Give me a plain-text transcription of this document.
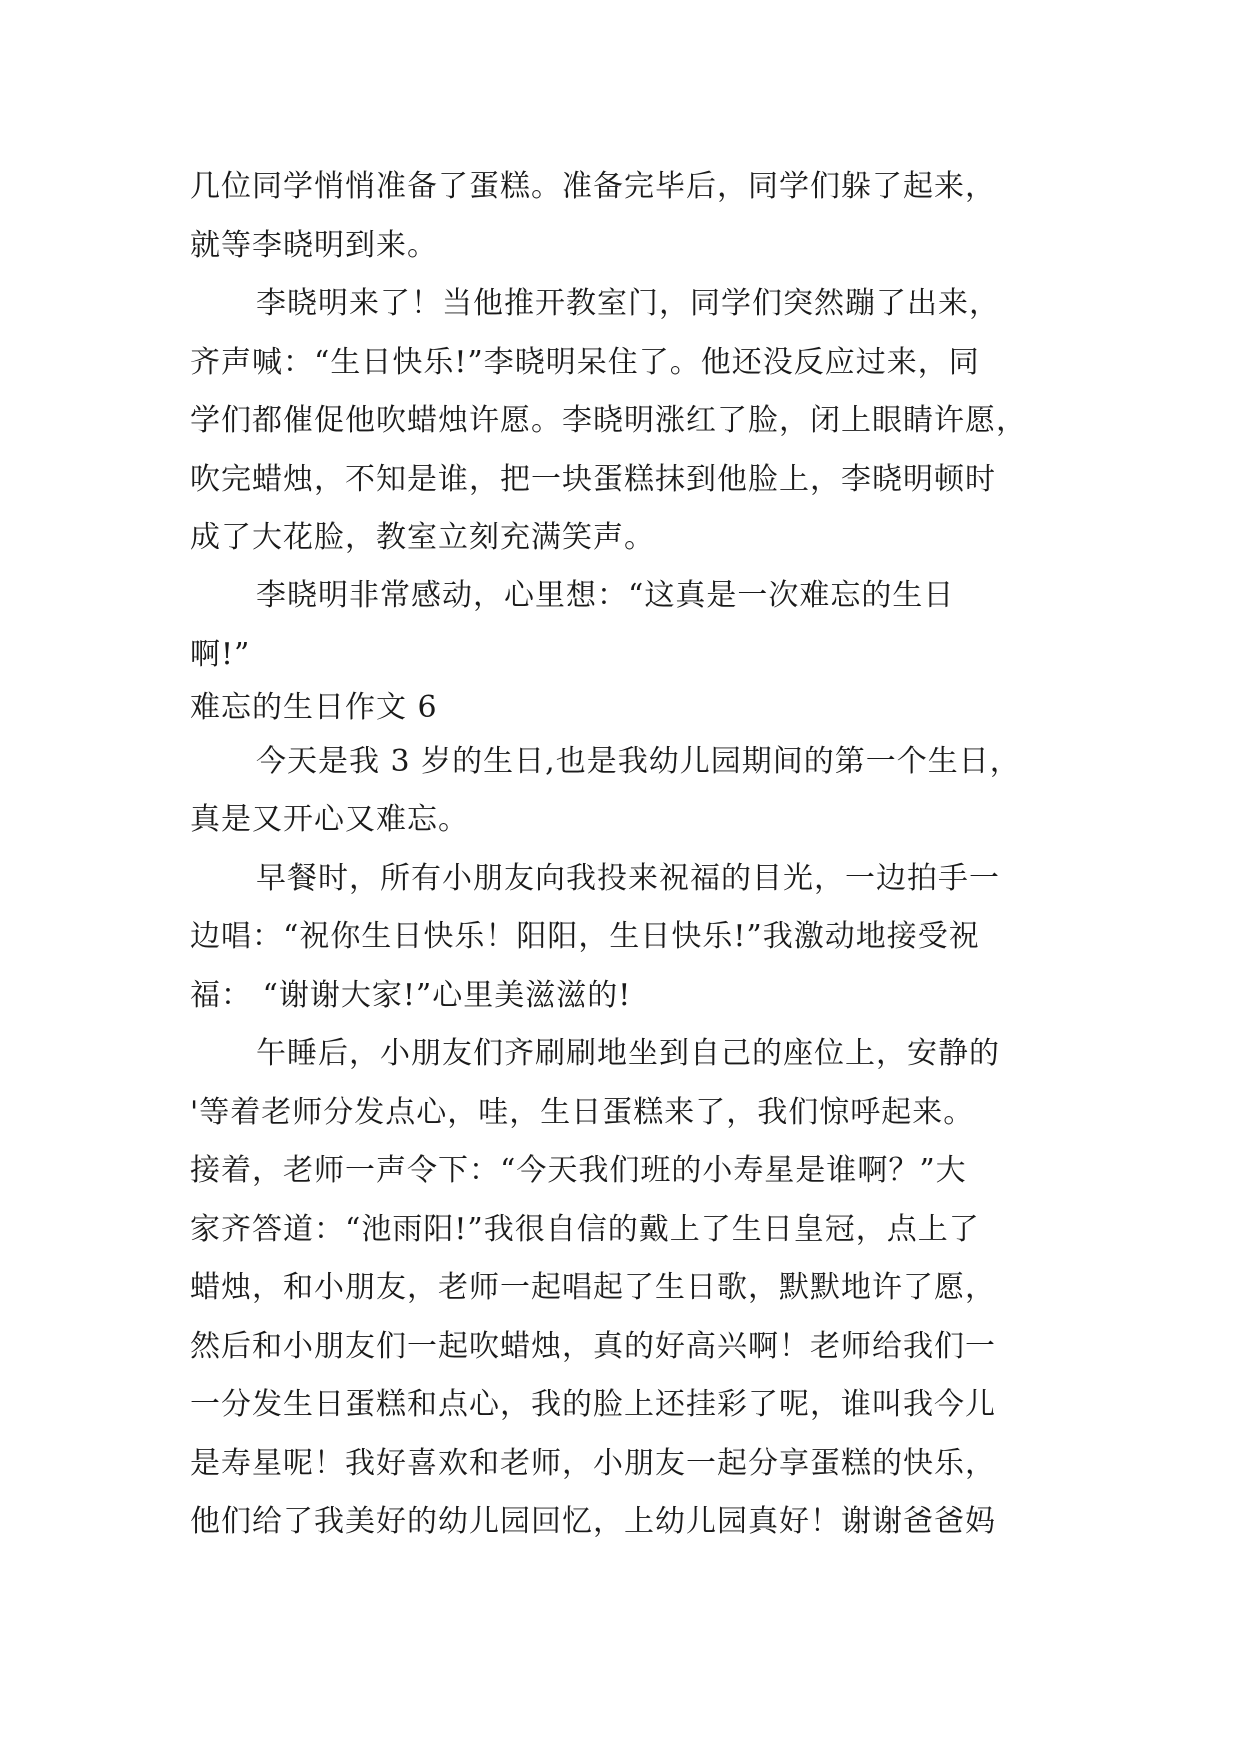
几位同学悄悄准备了蛋糕。准备完毕后，同学们躲了起来，
就等李晓明到来。
李晓明来了！当他推开教室门，同学们突然蹦了出来，
齐声喊：“生日快乐!”李晓明呆住了。他还没反应过来，同
学们都催促他吹蜡烛许愿。李晓明涨红了脸，闭上眼睛许愿，
吹完蜡烛，不知是谁，把一块蛋糕抹到他脸上，李晓明顿时
成了大花脸，教室立刻充满笑声。
李晓明非常感动，心里想：“这真是一次难忘的生日
啊!”
难忘的生日作文 6
今天是我 3 岁的生日,也是我幼儿园期间的第一个生日，
真是又开心又难忘。
早餐时，所有小朋友向我投来祝福的目光，一边拍手一
边唱：“祝你生日快乐！阳阳，生日快乐!”我激动地接受祝
福： “谢谢大家!”心里美滋滋的!
午睡后，小朋友们齐刷刷地坐到自己的座位上，安静的
'等着老师分发点心，哇，生日蛋糕来了，我们惊呼起来。
接着，老师一声令下：“今天我们班的小寿星是谁啊？”大
家齐答道：“池雨阳!”我很自信的戴上了生日皇冠，点上了
蜡烛，和小朋友，老师一起唱起了生日歌，默默地许了愿，
然后和小朋友们一起吹蜡烛，真的好高兴啊！老师给我们一
一分发生日蛋糕和点心，我的脸上还挂彩了呢，谁叫我今儿
是寿星呢！我好喜欢和老师，小朋友一起分享蛋糕的快乐，
他们给了我美好的幼儿园回忆，上幼儿园真好！谢谢爸爸妈
